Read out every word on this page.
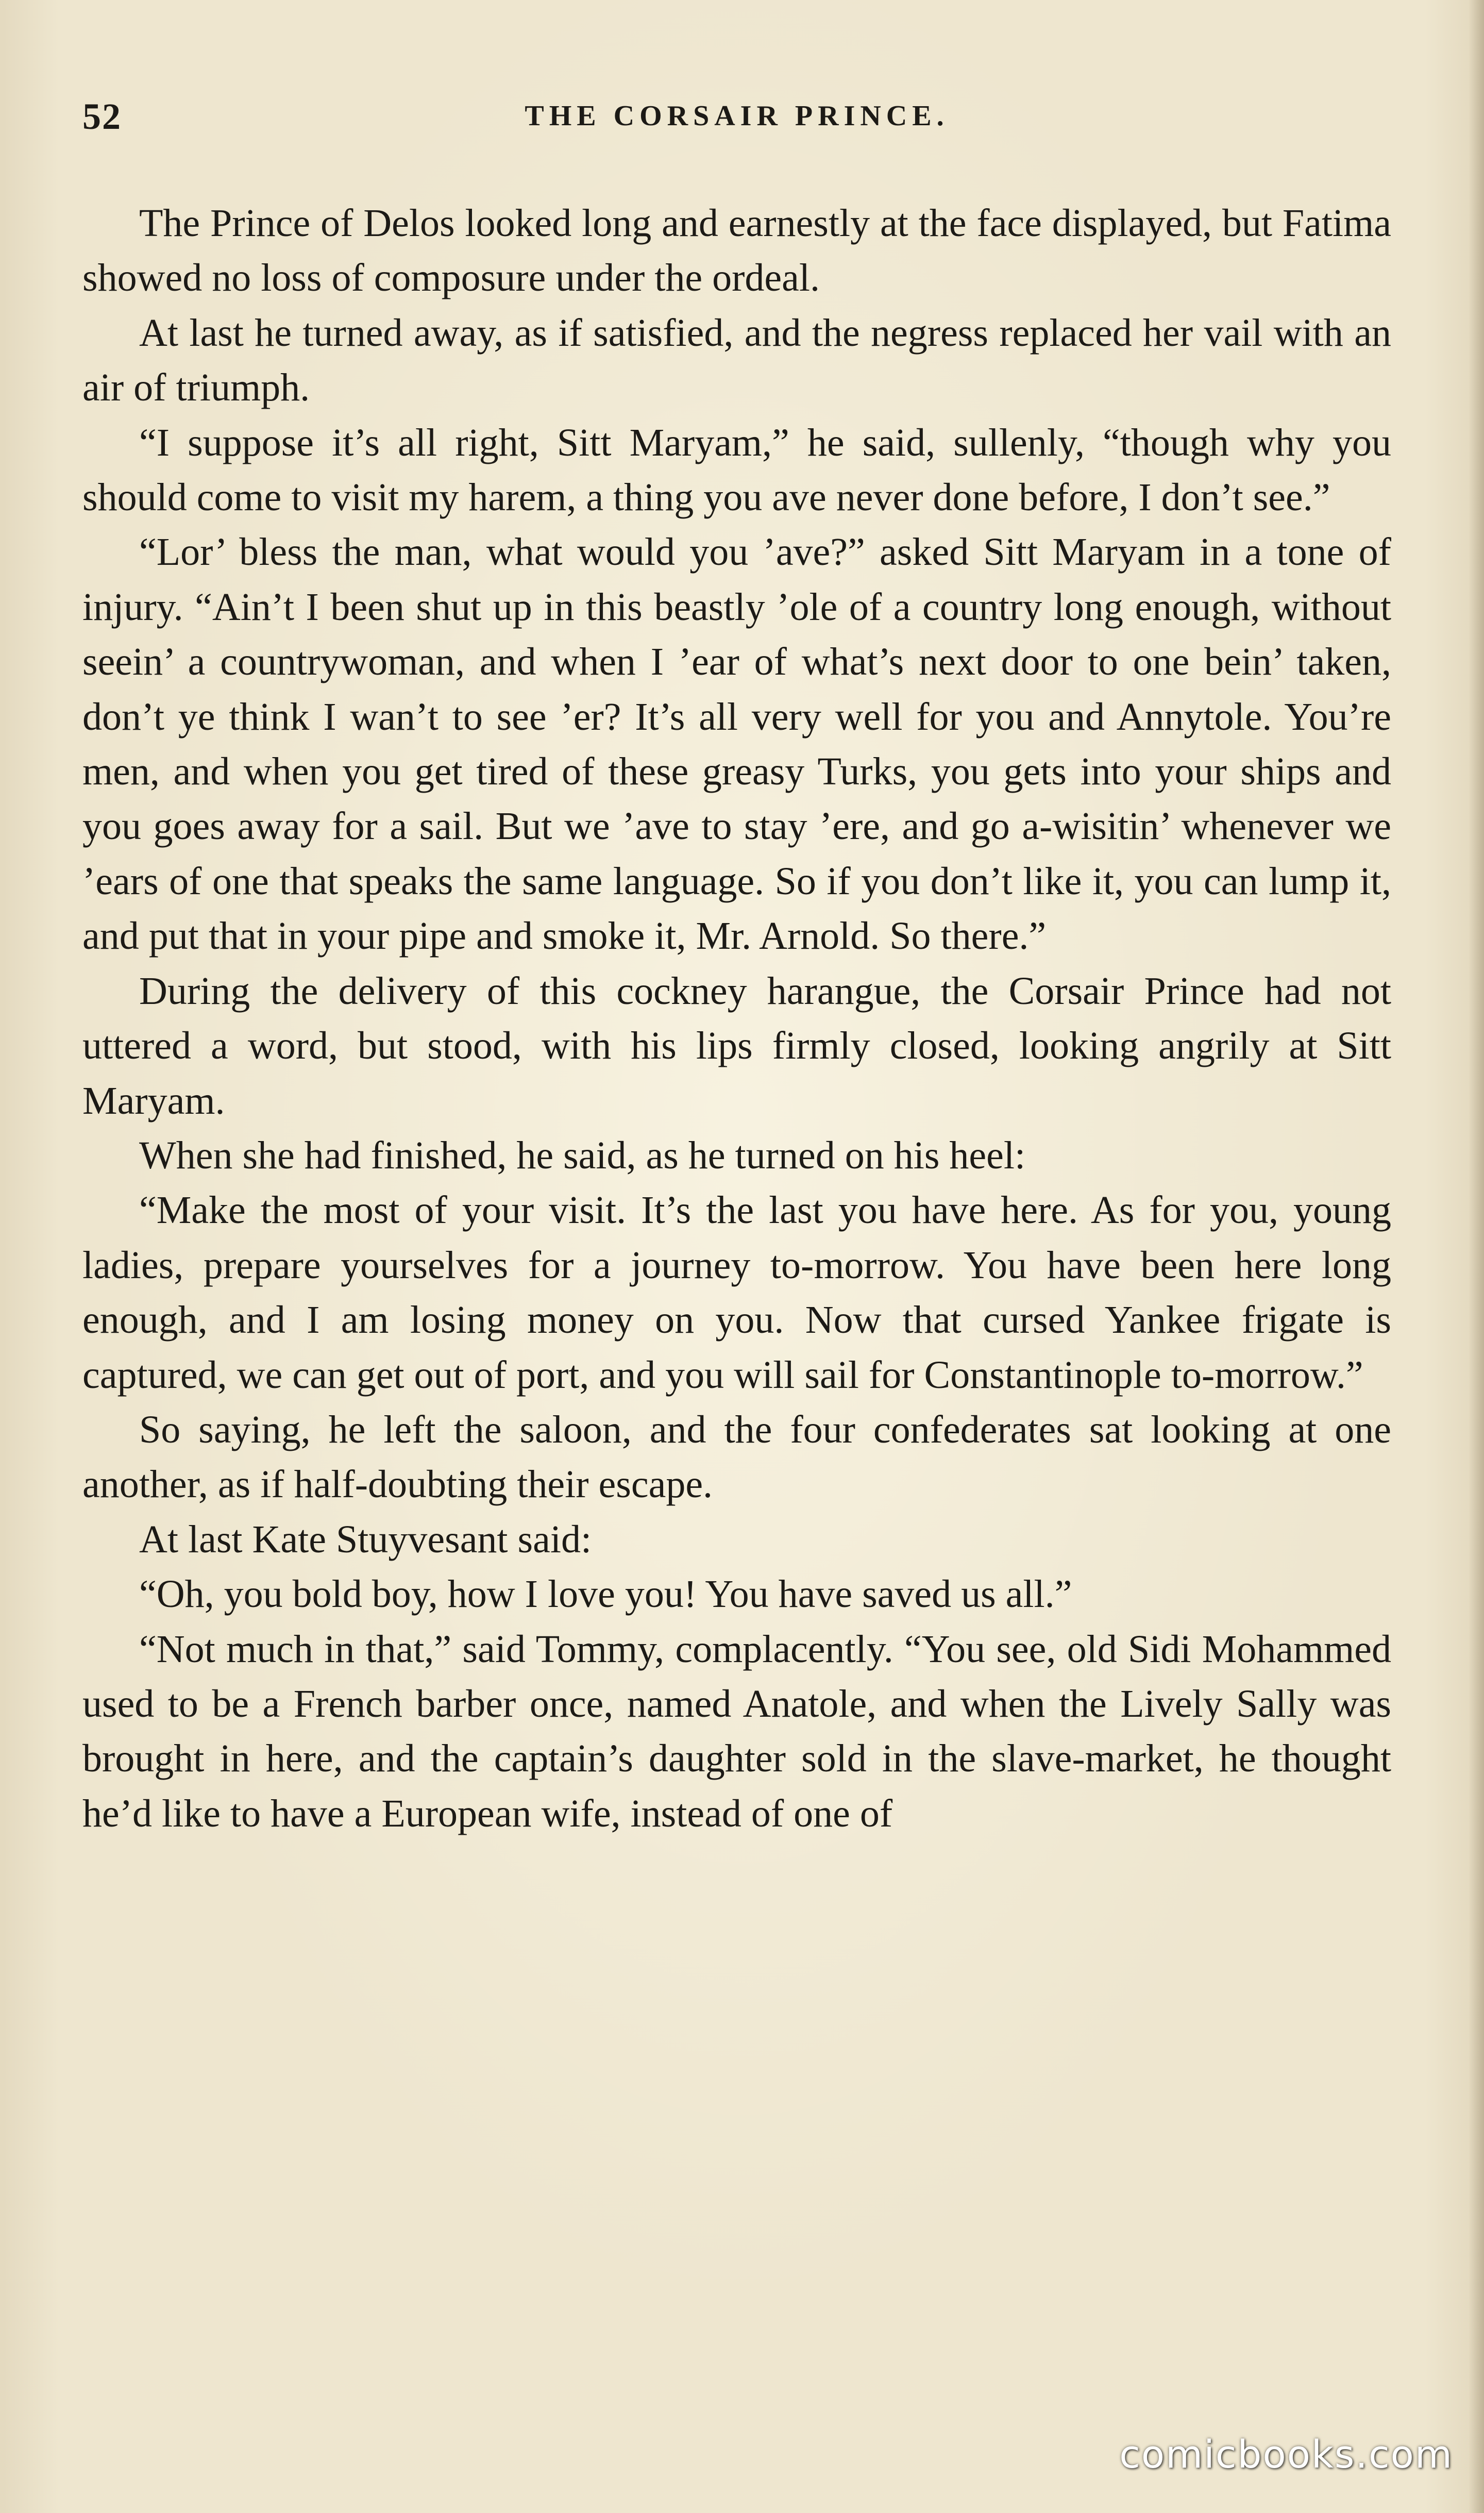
52	THE CORSAIR PRINCE.

The Prince of Delos looked long and earnestly at the face displayed, but Fatima showed no loss of composure under the ordeal.

At last he turned away, as if satisfied, and the negress replaced her vail with an air of triumph.

“I suppose it’s all right, Sitt Maryam,” he said, sullenly, “though why you should come to visit my harem, a thing you ave never done before, I don’t see.”

“Lor’ bless the man, what would you ’ave?” asked Sitt Maryam in a tone of injury. “Ain’t I been shut up in this beastly ’ole of a country long enough, without seein’ a countrywoman, and when I ’ear of what’s next door to one bein’ taken, don’t ye think I wan’t to see ’er? It’s all very well for you and Annytole. You’re men, and when you get tired of these greasy Turks, you gets into your ships and you goes away for a sail. But we ’ave to stay ’ere, and go a-wisitin’ whenever we ’ears of one that speaks the same language. So if you don’t like it, you can lump it, and put that in your pipe and smoke it, Mr. Arnold. So there.”

During the delivery of this cockney harangue, the Corsair Prince had not uttered a word, but stood, with his lips firmly closed, looking angrily at Sitt Maryam.

When she had finished, he said, as he turned on his heel:

“Make the most of your visit. It’s the last you have here. As for you, young ladies, prepare yourselves for a journey to-morrow. You have been here long enough, and I am losing money on you. Now that cursed Yankee frigate is captured, we can get out of port, and you will sail for Constantinople to-morrow.”

So saying, he left the saloon, and the four confederates sat looking at one another, as if half-doubting their escape.

At last Kate Stuyvesant said:

“Oh, you bold boy, how I love you! You have saved us all.”

“Not much in that,” said Tommy, complacently. “You see, old Sidi Mohammed used to be a French barber once, named Anatole, and when the Lively Sally was brought in here, and the captain’s daughter sold in the slave-market, he thought he’d like to have a European wife, instead of one of

comicbooks.com
